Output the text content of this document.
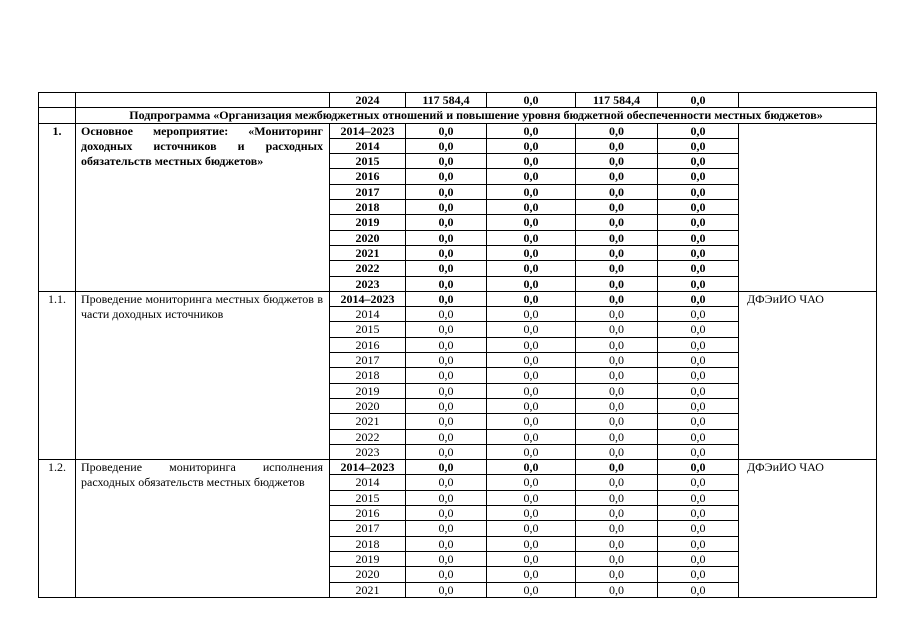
		2024	117 584,4	0,0	117 584,4	0,0	
	Подпрограмма «Организация межбюджетных отношений и повышение уровня бюджетной обеспеченности местных бюджетов»						
1.	Основное мероприятие: «Мониторинг доходных источников и расходных обязательств местных бюджетов»	2014–2023	0,0	0,0	0,0	0,0	
		2014	0,0	0,0	0,0	0,0	
		2015	0,0	0,0	0,0	0,0	
		2016	0,0	0,0	0,0	0,0	
		2017	0,0	0,0	0,0	0,0	
		2018	0,0	0,0	0,0	0,0	
		2019	0,0	0,0	0,0	0,0	
		2020	0,0	0,0	0,0	0,0	
		2021	0,0	0,0	0,0	0,0	
		2022	0,0	0,0	0,0	0,0	
		2023	0,0	0,0	0,0	0,0	
1.1.	Проведение мониторинга местных бюджетов в части доходных источников	2014–2023	0,0	0,0	0,0	0,0	ДФЭиИО ЧАО
		2014	0,0	0,0	0,0	0,0	
		2015	0,0	0,0	0,0	0,0	
		2016	0,0	0,0	0,0	0,0	
		2017	0,0	0,0	0,0	0,0	
		2018	0,0	0,0	0,0	0,0	
		2019	0,0	0,0	0,0	0,0	
		2020	0,0	0,0	0,0	0,0	
		2021	0,0	0,0	0,0	0,0	
		2022	0,0	0,0	0,0	0,0	
		2023	0,0	0,0	0,0	0,0	
1.2.	Проведение мониторинга исполнения расходных обязательств местных бюджетов	2014–2023	0,0	0,0	0,0	0,0	ДФЭиИО ЧАО
		2014	0,0	0,0	0,0	0,0	
		2015	0,0	0,0	0,0	0,0	
		2016	0,0	0,0	0,0	0,0	
		2017	0,0	0,0	0,0	0,0	
		2018	0,0	0,0	0,0	0,0	
		2019	0,0	0,0	0,0	0,0	
		2020	0,0	0,0	0,0	0,0	
		2021	0,0	0,0	0,0	0,0	
